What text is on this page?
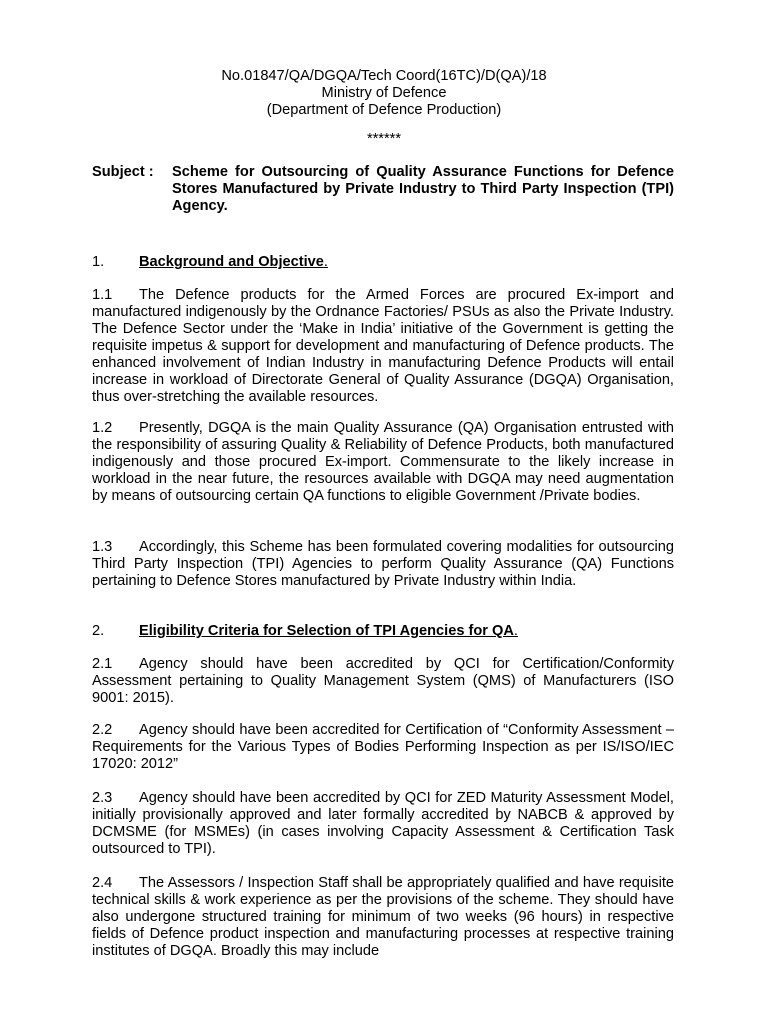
No.01847/QA/DGQA/Tech Coord(16TC)/D(QA)/18
Ministry of Defence
(Department of Defence Production)
******
Subject :	Scheme for Outsourcing of Quality Assurance Functions for Defence Stores Manufactured by Private Industry to Third Party Inspection (TPI) Agency.
1. Background and Objective.
1.1 The Defence products for the Armed Forces are procured Ex-import and manufactured indigenously by the Ordnance Factories/ PSUs as also the Private Industry. The Defence Sector under the ‘Make in India’ initiative of the Government is getting the requisite impetus & support for development and manufacturing of Defence products. The enhanced involvement of Indian Industry in manufacturing Defence Products will entail increase in workload of Directorate General of Quality Assurance (DGQA) Organisation, thus over-stretching the available resources.
1.2 Presently, DGQA is the main Quality Assurance (QA) Organisation entrusted with the responsibility of assuring Quality & Reliability of Defence Products, both manufactured indigenously and those procured Ex-import. Commensurate to the likely increase in workload in the near future, the resources available with DGQA may need augmentation by means of outsourcing certain QA functions to eligible Government /Private bodies.
1.3 Accordingly, this Scheme has been formulated covering modalities for outsourcing Third Party Inspection (TPI) Agencies to perform Quality Assurance (QA) Functions pertaining to Defence Stores manufactured by Private Industry within India.
2. Eligibility Criteria for Selection of TPI Agencies for QA.
2.1 Agency should have been accredited by QCI for Certification/Conformity Assessment pertaining to Quality Management System (QMS) of Manufacturers (ISO 9001: 2015).
2.2 Agency should have been accredited for Certification of “Conformity Assessment – Requirements for the Various Types of Bodies Performing Inspection as per IS/ISO/IEC 17020: 2012”
2.3 Agency should have been accredited by QCI for ZED Maturity Assessment Model, initially provisionally approved and later formally accredited by NABCB & approved by DCMSME (for MSMEs) (in cases involving Capacity Assessment & Certification Task outsourced to TPI).
2.4 The Assessors / Inspection Staff shall be appropriately qualified and have requisite technical skills & work experience as per the provisions of the scheme. They should have also undergone structured training for minimum of two weeks (96 hours) in respective fields of Defence product inspection and manufacturing processes at respective training institutes of DGQA. Broadly this may include
